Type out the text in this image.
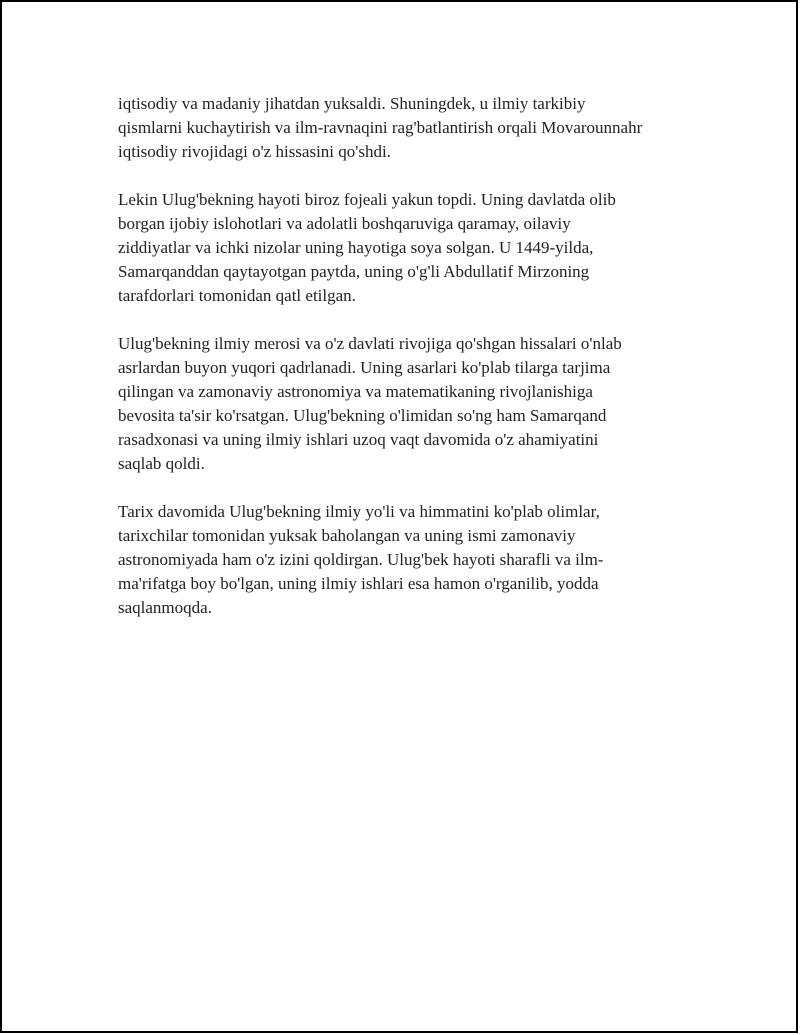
iqtisodiy va madaniy jihatdan yuksaldi. Shuningdek, u ilmiy tarkibiy
qismlarni kuchaytirish va ilm-ravnaqini rag'batlantirish orqali Movarounnahr
iqtisodiy rivojidagi o'z hissasini qo'shdi.

Lekin Ulug'bekning hayoti biroz fojeali yakun topdi. Uning davlatda olib
borgan ijobiy islohotlari va adolatli boshqaruviga qaramay, oilaviy
ziddiyatlar va ichki nizolar uning hayotiga soya solgan. U 1449-yilda,
Samarqanddan qaytayotgan paytda, uning o'g'li Abdullatif Mirzoning
tarafdorlari tomonidan qatl etilgan.

Ulug'bekning ilmiy merosi va o'z davlati rivojiga qo'shgan hissalari o'nlab
asrlardan buyon yuqori qadrlanadi. Uning asarlari ko'plab tilarga tarjima
qilingan va zamonaviy astronomiya va matematikaning rivojlanishiga
bevosita ta'sir ko'rsatgan. Ulug'bekning o'limidan so'ng ham Samarqand
rasadxonasi va uning ilmiy ishlari uzoq vaqt davomida o'z ahamiyatini
saqlab qoldi.

Tarix davomida Ulug'bekning ilmiy yo'li va himmatini ko'plab olimlar,
tarixchilar tomonidan yuksak baholangan va uning ismi zamonaviy
astronomiyada ham o'z izini qoldirgan. Ulug'bek hayoti sharafli va ilm-
ma'rifatga boy bo'lgan, uning ilmiy ishlari esa hamon o'rganilib, yodda
saqlanmoqda.
